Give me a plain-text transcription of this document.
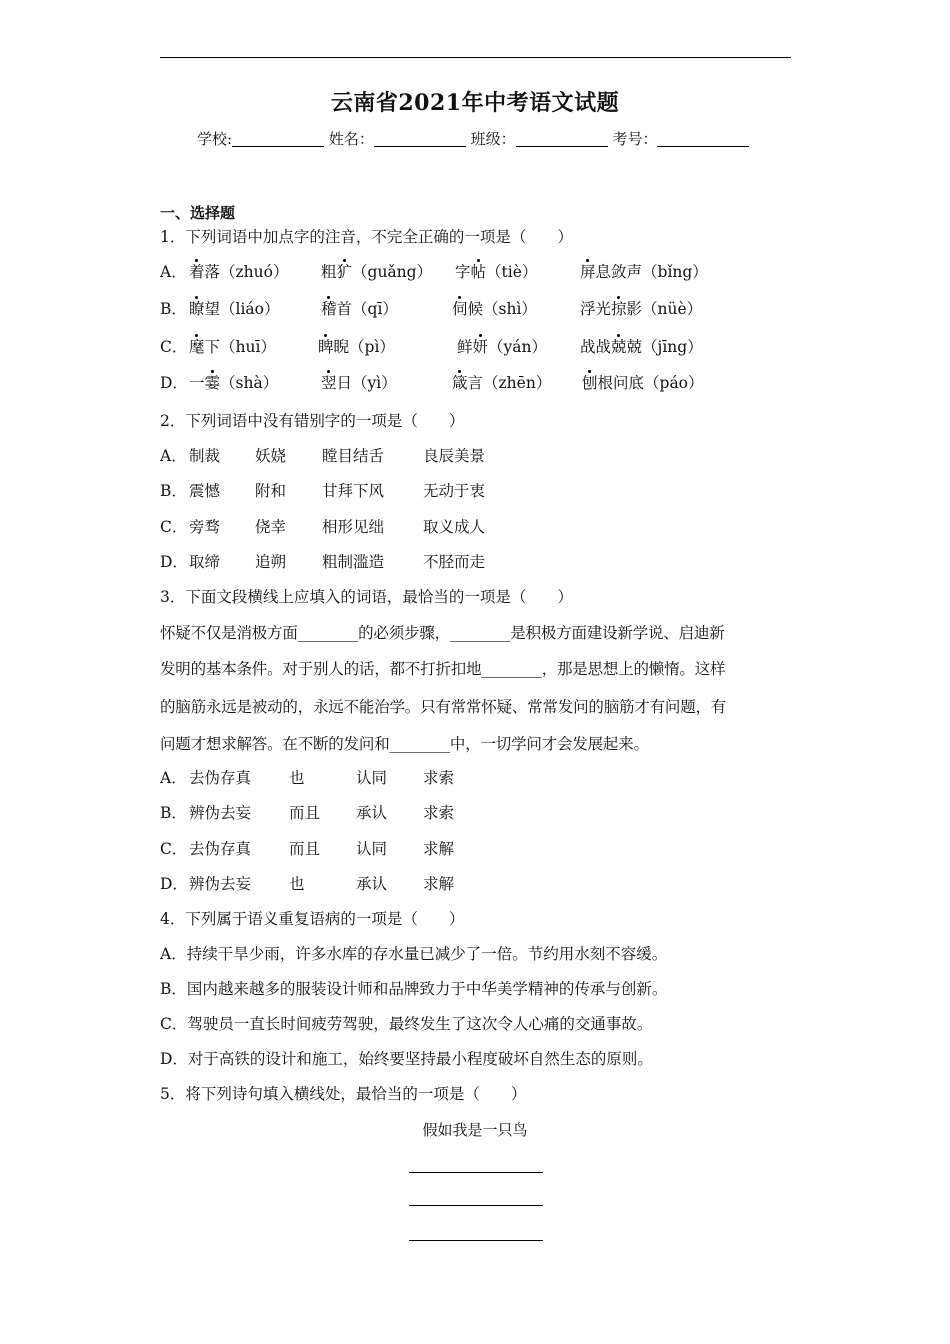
云南省2021年中考语文试题
学校:	姓名：	班级：	考号：
一、选择题
1．下列词语中加点字的注音，不完全正确的一项是（　　）
A． 着落（zhuó） 粗犷（guǎng） 字帖（tiè）	屏息敛声（bǐng）
B． 瞭望（liáo）	稽首（qī）	伺候（shì）	浮光掠影（nüè）
C． 麾下（huī）	睥睨（pì）	鲜妍（yán） 战战兢兢（jīng）
D． 一霎（shà）	翌日（yì）	箴言（zhēn） 刨根问底（páo）
2．下列词语中没有错别字的一项是（　　）
A． 制裁 妖娆 瞠目结舌	良辰美景
B． 震憾 附和 甘拜下风	无动于衷
C． 旁骛 侥幸 相形见绌	取义成人
D． 取缔 追朔 粗制滥造	不胫而走
3．下面文段横线上应填入的词语，最恰当的一项是（　　）
怀疑不仅是消极方面________的必须步骤，________是积极方面建设新学说、启迪新
发明的基本条件。对于别人的话，都不打折扣地________，那是思想上的懒惰。这样
的脑筋永远是被动的，永远不能治学。只有常常怀疑、常常发问的脑筋才有问题，有
问题才想求解答。在不断的发问和________中，一切学问才会发展起来。
A． 去伪存真 也	认同 求索
B． 辨伪去妄 而且 承认 求索
C． 去伪存真 而且 认同 求解
D． 辨伪去妄 也	承认 求解
4．下列属于语义重复语病的一项是（　　）
A．持续干旱少雨，许多水库的存水量已减少了一倍。节约用水刻不容缓。
B．国内越来越多的服装设计师和品牌致力于中华美学精神的传承与创新。
C．驾驶员一直长时间疲劳驾驶，最终发生了这次令人心痛的交通事故。
D．对于高铁的设计和施工，始终要坚持最小程度破坏自然生态的原则。
5．将下列诗句填入横线处，最恰当的一项是（　　）
假如我是一只鸟
